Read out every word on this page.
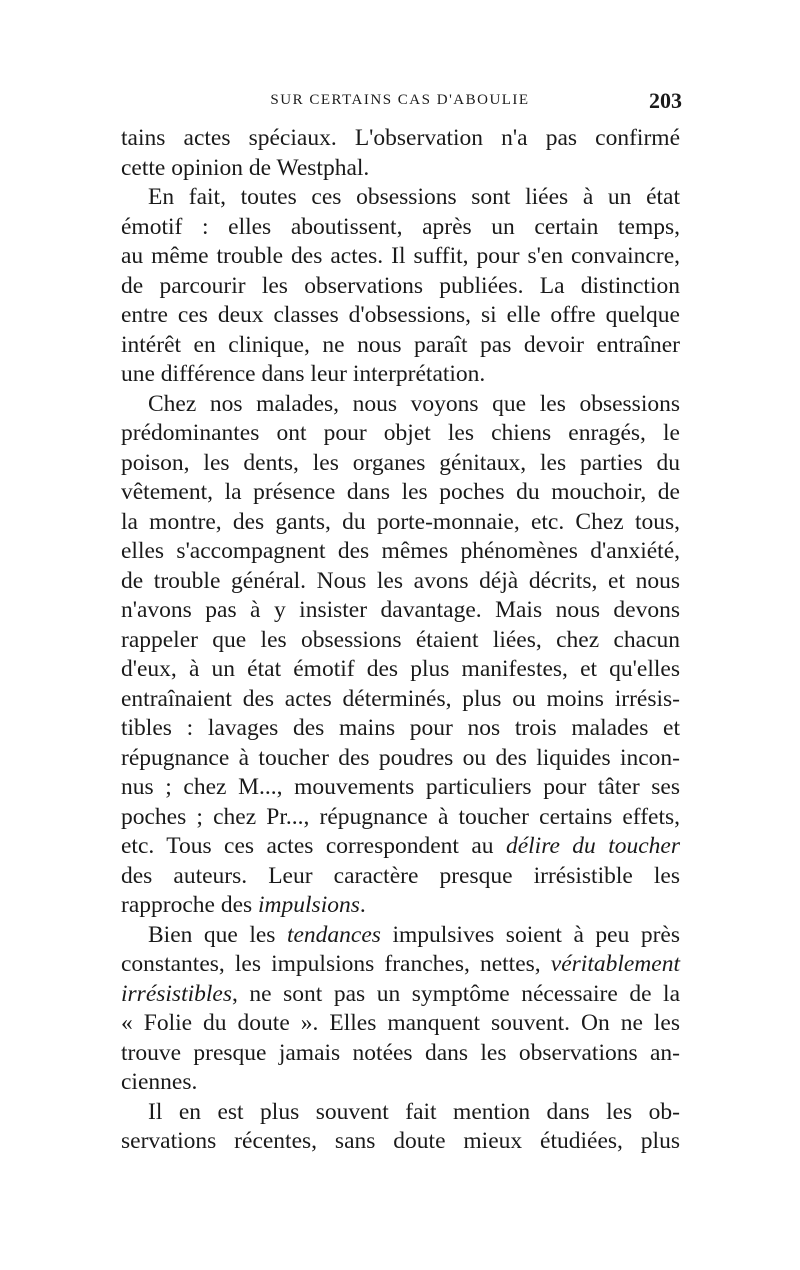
SUR CERTAINS CAS D'ABOULIE	203
tains actes spéciaux. L'observation n'a pas confirmé
cette opinion de Westphal.
En fait, toutes ces obsessions sont liées à un état
émotif : elles aboutissent, après un certain temps,
au même trouble des actes. Il suffit, pour s'en convaincre,
de parcourir les observations publiées. La distinction
entre ces deux classes d'obsessions, si elle offre quelque
intérêt en clinique, ne nous paraît pas devoir entraîner
une différence dans leur interprétation.
Chez nos malades, nous voyons que les obsessions
prédominantes ont pour objet les chiens enragés, le
poison, les dents, les organes génitaux, les parties du
vêtement, la présence dans les poches du mouchoir, de
la montre, des gants, du porte-monnaie, etc. Chez tous,
elles s'accompagnent des mêmes phénomènes d'anxiété,
de trouble général. Nous les avons déjà décrits, et nous
n'avons pas à y insister davantage. Mais nous devons
rappeler que les obsessions étaient liées, chez chacun
d'eux, à un état émotif des plus manifestes, et qu'elles
entraînaient des actes déterminés, plus ou moins irrésis-
tibles : lavages des mains pour nos trois malades et
répugnance à toucher des poudres ou des liquides incon-
nus ; chez M..., mouvements particuliers pour tâter ses
poches ; chez Pr..., répugnance à toucher certains effets,
etc. Tous ces actes correspondent au délire du toucher
des auteurs. Leur caractère presque irrésistible les
rapproche des impulsions.
Bien que les tendances impulsives soient à peu près
constantes, les impulsions franches, nettes, véritablement
irrésistibles, ne sont pas un symptôme nécessaire de la
« Folie du doute ». Elles manquent souvent. On ne les
trouve presque jamais notées dans les observations an-
ciennes.
Il en est plus souvent fait mention dans les ob-
servations récentes, sans doute mieux étudiées, plus
